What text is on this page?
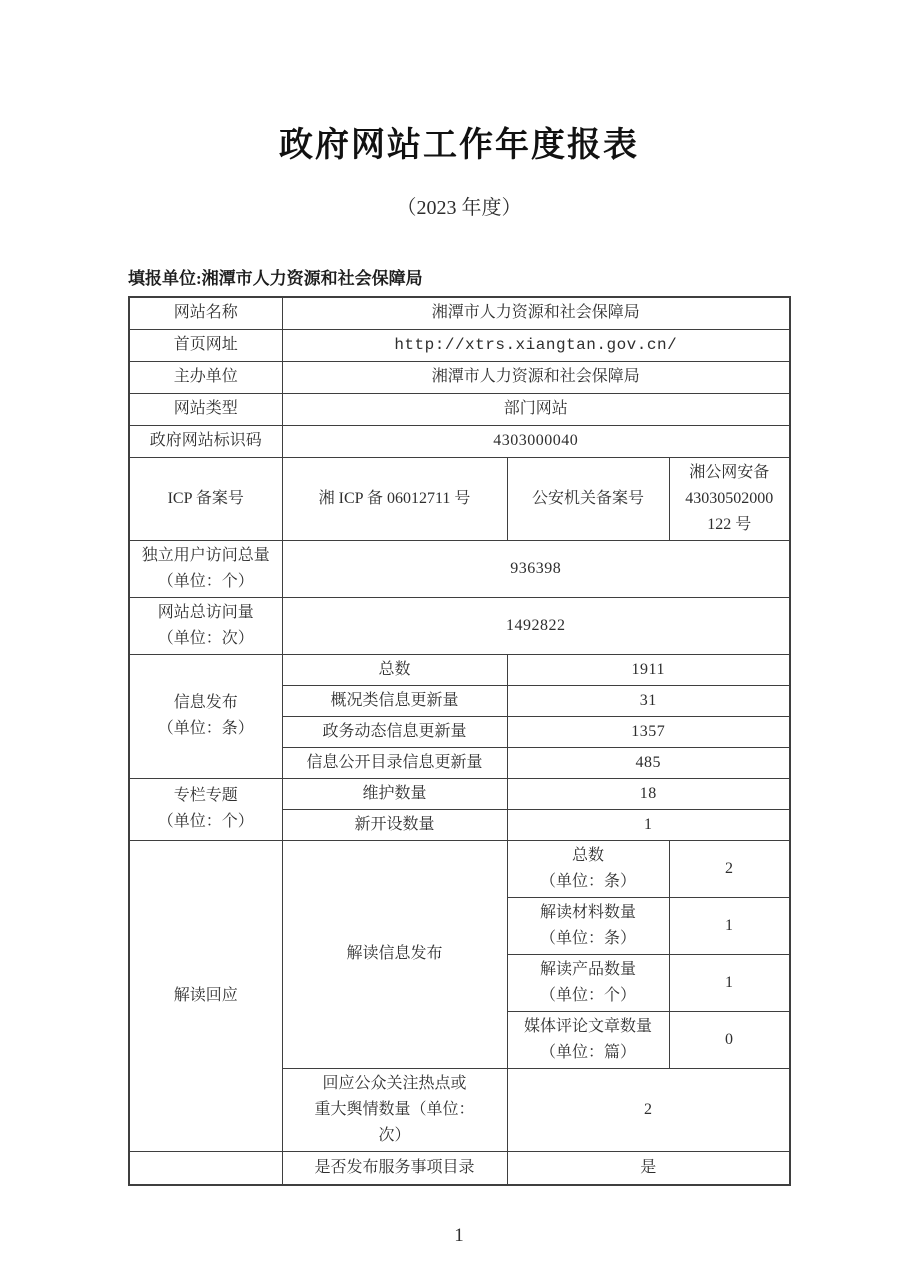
政府网站工作年度报表
（2023 年度）
填报单位:湘潭市人力资源和社会保障局
网站名称	湘潭市人力资源和社会保障局		
首页网址	http://xtrs.xiangtan.gov.cn/		
主办单位	湘潭市人力资源和社会保障局		
网站类型	部门网站		
政府网站标识码	4303000040		
ICP 备案号	湘 ICP 备 06012711 号	公安机关备案号	湘公网安备
43030502000
122 号
独立用户访问总量（单位：个）	936398		
网站总访问量
（单位：次）	1492822		
信息发布
（单位：条）	总数	1911	
	概况类信息更新量	31	
	政务动态信息更新量	1357	
	信息公开目录信息更新量	485	
专栏专题
（单位：个）	维护数量	18	
	新开设数量	1	
解读回应	解读信息发布	总数
（单位：条）	2
		解读材料数量
（单位：条）	1
		解读产品数量
（单位：个）	1
		媒体评论文章数量
（单位：篇）	0
	回应公众关注热点或
重大舆情数量（单位：
次）	2	
	是否发布服务事项目录	是	
1
